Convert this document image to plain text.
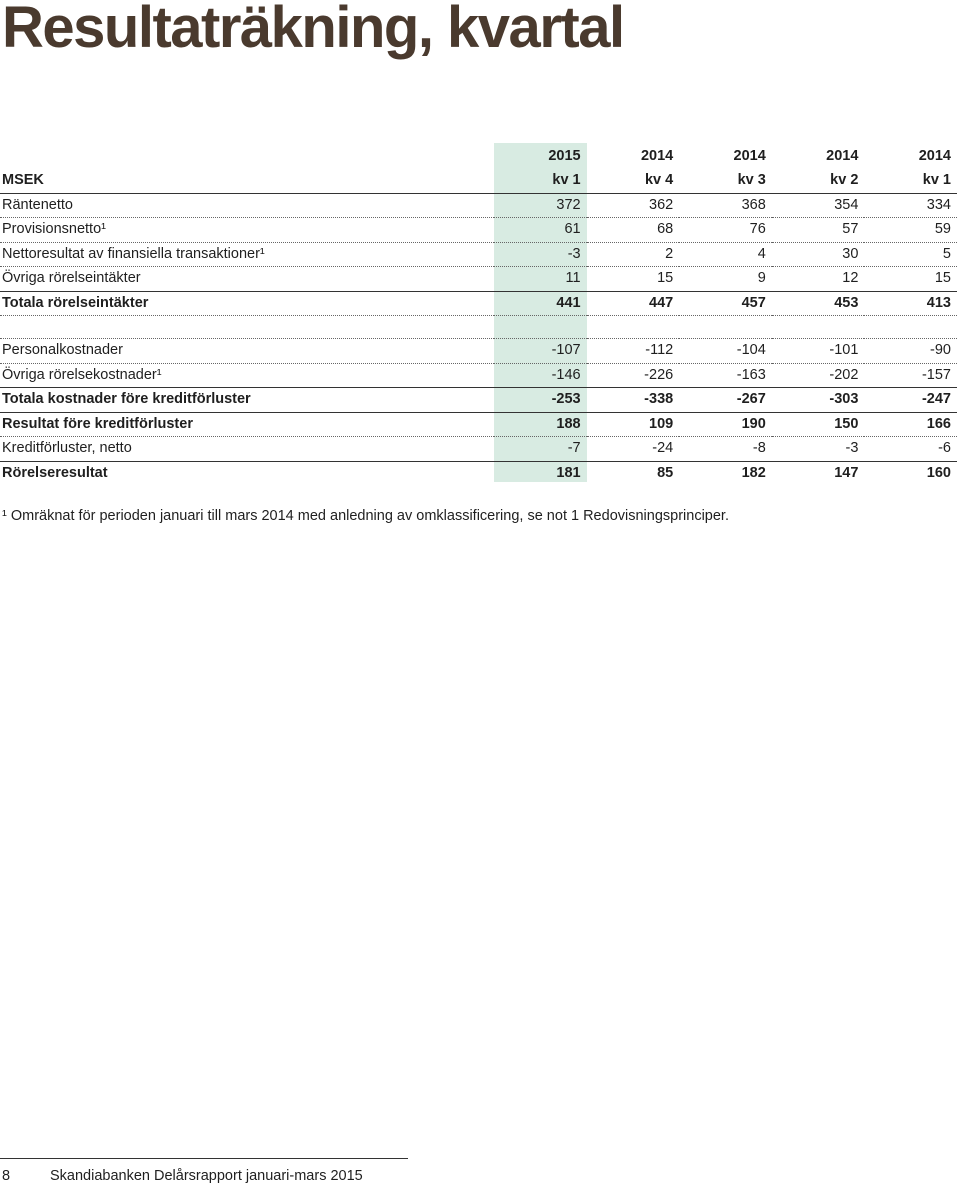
Resultaträkning, kvartal
	2015	2014	2014	2014	2014
MSEK	kv 1	kv 4	kv 3	kv 2	kv 1
Räntenetto	372	362	368	354	334
Provisionsnetto¹	61	68	76	57	59
Nettoresultat av finansiella transaktioner¹	-3	2	4	30	5
Övriga rörelseintäkter	11	15	9	12	15
Totala rörelseintäkter	441	447	457	453	413

Personalkostnader	-107	-112	-104	-101	-90
Övriga rörelsekostnader¹	-146	-226	-163	-202	-157
Totala kostnader före kreditförluster	-253	-338	-267	-303	-247
Resultat före kreditförluster	188	109	190	150	166
Kreditförluster, netto	-7	-24	-8	-3	-6
Rörelseresultat	181	85	182	147	160

¹ Omräknat för perioden januari till mars 2014 med anledning av omklassificering, se not 1 Redovisningsprinciper.

8	Skandiabanken Delårsrapport januari-mars 2015
